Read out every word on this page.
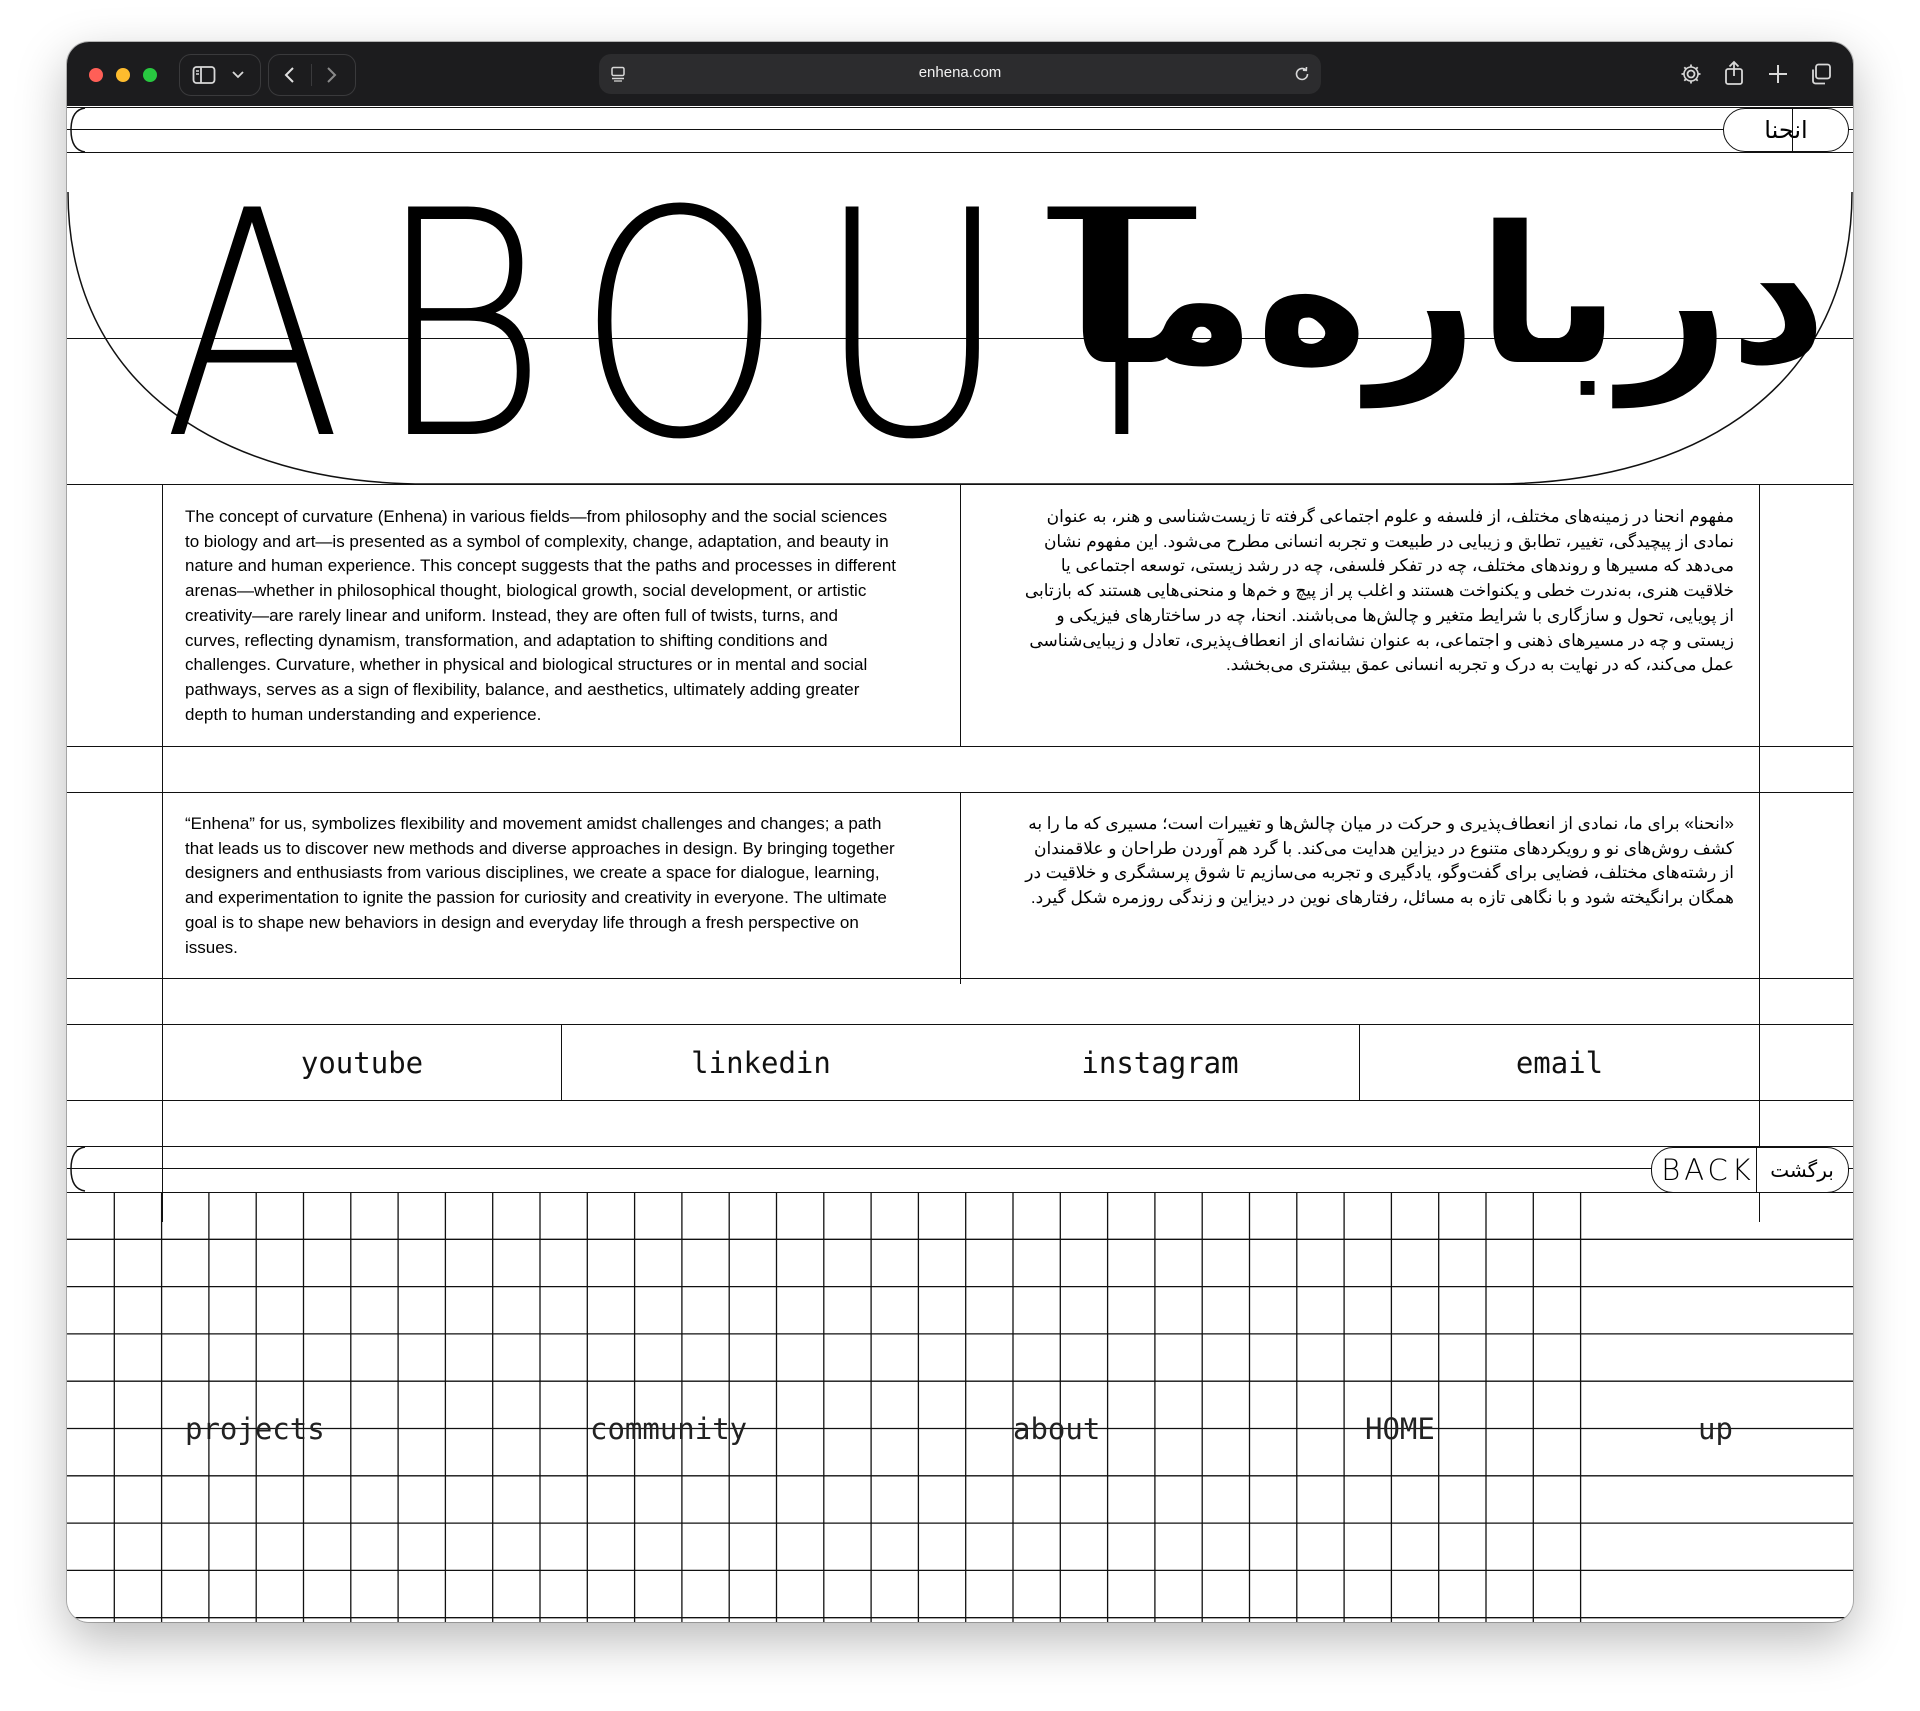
enhena.com
انحنا
ABOUT
درباره‌ما
The concept of curvature (Enhena) in various fields—from philosophy and the social sciences to biology and art—is presented as a symbol of complexity, change, adaptation, and beauty in nature and human experience. This concept suggests that the paths and processes in different arenas—whether in philosophical thought, biological growth, social development, or artistic creativity—are rarely linear and uniform. Instead, they are often full of twists, turns, and curves, reflecting dynamism, transformation, and adaptation to shifting conditions and challenges. Curvature, whether in physical and biological structures or in mental and social pathways, serves as a sign of flexibility, balance, and aesthetics, ultimately adding greater depth to human understanding and experience.
مفهوم انحنا در زمینه‌های مختلف، از فلسفه و علوم اجتماعی گرفته تا زیست‌شناسی و هنر، به عنوان نمادی از پیچیدگی، تغییر، تطابق و زیبایی در طبیعت و تجربه انسانی مطرح می‌شود. این مفهوم نشان می‌دهد که مسیرها و روندهای مختلف، چه در تفکر فلسفی، چه در رشد زیستی، توسعه اجتماعی یا خلاقیت هنری، به‌ندرت خطی و یکنواخت هستند و اغلب پر از پیچ و خم‌ها و منحنی‌هایی هستند که بازتابی از پویایی، تحول و سازگاری با شرایط متغیر و چالش‌ها می‌باشند. انحنا، چه در ساختارهای فیزیکی و زیستی و چه در مسیرهای ذهنی و اجتماعی، به عنوان نشانه‌ای از انعطاف‌پذیری، تعادل و زیبایی‌شناسی عمل می‌کند، که در نهایت به درک و تجربه انسانی عمق بیشتری می‌بخشد.
“Enhena” for us, symbolizes flexibility and movement amidst challenges and changes; a path that leads us to discover new methods and diverse approaches in design. By bringing together designers and enthusiasts from various disciplines, we create a space for dialogue, learning, and experimentation to ignite the passion for curiosity and creativity in everyone. The ultimate goal is to shape new behaviors in design and everyday life through a fresh perspective on issues.
«انحنا» برای ما، نمادی از انعطاف‌پذیری و حرکت در میان چالش‌ها و تغییرات است؛ مسیری که ما را به کشف روش‌های نو و رویکردهای متنوع در دیزاین هدایت می‌کند. با گرد هم آوردن طراحان و علاقمندان از رشته‌های مختلف، فضایی برای گفت‌وگو، یادگیری و تجربه می‌سازیم تا شوق پرسشگری و خلاقیت در همگان برانگیخته شود و با نگاهی تازه به مسائل، رفتارهای نوین در دیزاین و زندگی روزمره شکل گیرد.
youtube	linkedin	instagram	email
BACK برگشت
projects	community	about	HOME	up
